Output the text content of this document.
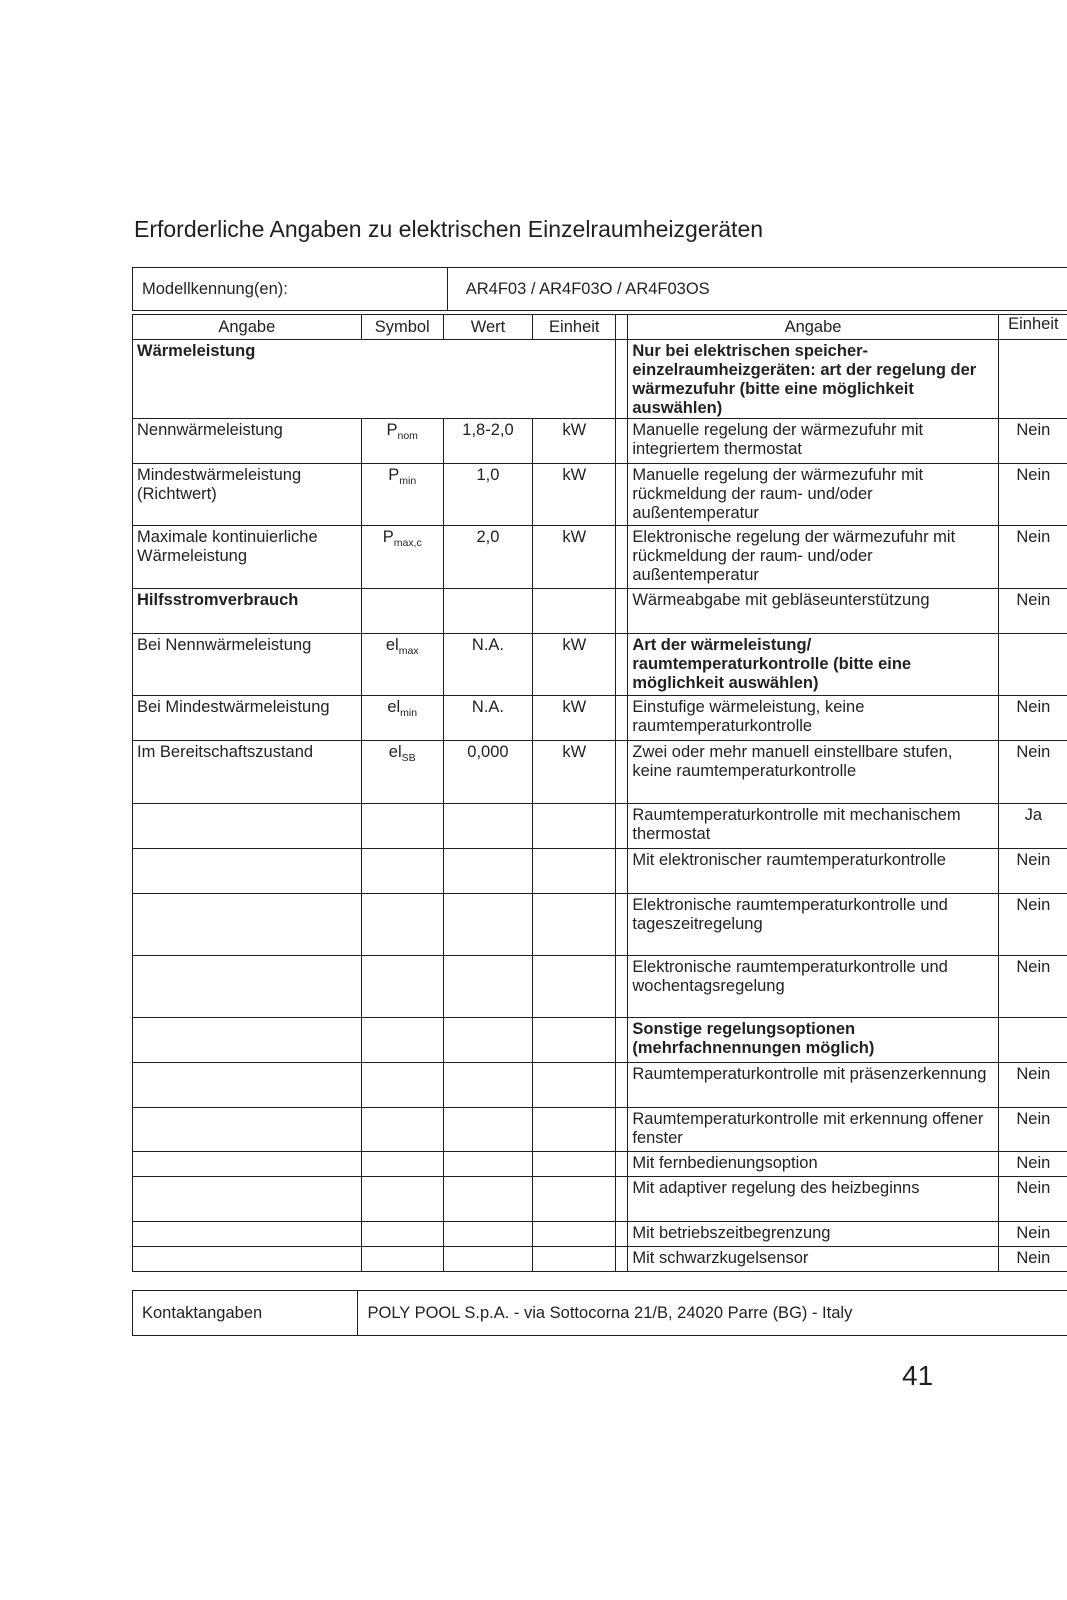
Erforderliche Angaben zu elektrischen Einzelraumheizgeräten
Modellkennung(en):	AR4F03 / AR4F03O / AR4F03OS
Angabe	Symbol	Wert	Einheit		Angabe	Einheit
Wärmeleistung					Nur bei elektrischen speicher-einzelraumheizgeräten: art der regelung der wärmezufuhr (bitte eine möglichkeit auswählen)	
Nennwärmeleistung	$P_{nom}$	1,8-2,0	kW		Manuelle regelung der wärmezufuhr mit integriertem thermostat	Nein
Mindestwärmeleistung (Richtwert)	$P_{min}$	1,0	kW		Manuelle regelung der wärmezufuhr mit rückmeldung der raum- und/oder außentemperatur	Nein
Maximale kontinuierliche Wärmeleistung	$P_{max,c}$	2,0	kW		Elektronische regelung der wärmezufuhr mit rückmeldung der raum- und/oder außentemperatur	Nein
Hilfsstromverbrauch					Wärmeabgabe mit gebläseunterstützung	Nein
Bei Nennwärmeleistung	$el_{max}$	N.A.	kW		Art der wärmeleistung/ raumtemperaturkontrolle (bitte eine möglichkeit auswählen)	
Bei Mindestwärmeleistung	$el_{min}$	N.A.	kW		Einstufige wärmeleistung, keine raumtemperaturkontrolle	Nein
Im Bereitschaftszustand	$el_{SB}$	0,000	kW		Zwei oder mehr manuell einstellbare stufen, keine raumtemperaturkontrolle	Nein
					Raumtemperaturkontrolle mit mechanischem thermostat	Ja
					Mit elektronischer raumtemperaturkontrolle	Nein
					Elektronische raumtemperaturkontrolle und tageszeitregelung	Nein
					Elektronische raumtemperaturkontrolle und wochentagsregelung	Nein
					Sonstige regelungsoptionen (mehrfachnennungen möglich)	
					Raumtemperaturkontrolle mit präsenzerkennung	Nein
					Raumtemperaturkontrolle mit erkennung offener fenster	Nein
					Mit fernbedienungsoption	Nein
					Mit adaptiver regelung des heizbeginns	Nein
					Mit betriebszeitbegrenzung	Nein
					Mit schwarzkugelsensor	Nein
Kontaktangaben	POLY POOL S.p.A. - via Sottocorna 21/B, 24020 Parre (BG) - Italy
41
